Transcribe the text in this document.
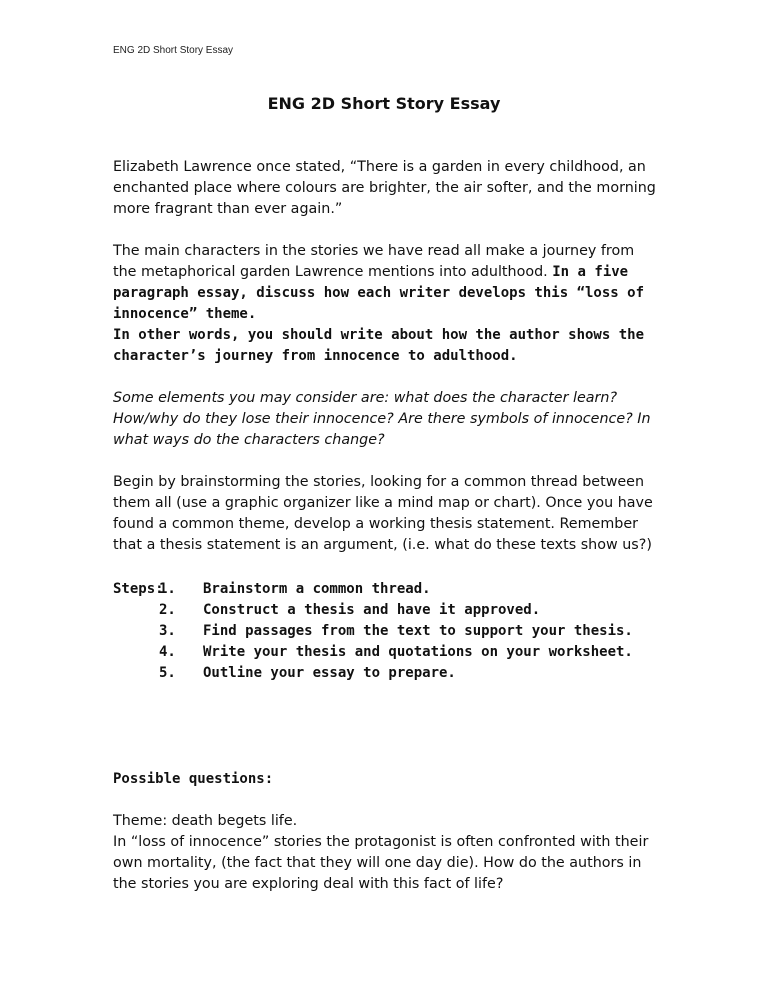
ENG 2D Short Story Essay
ENG 2D Short Story Essay

Elizabeth Lawrence once stated, “There is a garden in every childhood, an enchanted place where colours are brighter, the air softer, and the morning more fragrant than ever again.”

The main characters in the stories we have read all make a journey from the metaphorical garden Lawrence mentions into adulthood. In a five paragraph essay, discuss how each writer develops this “loss of innocence” theme.

In other words, you should write about how the author shows the character’s journey from innocence to adulthood.

Some elements you may consider are: what does the character learn? How/why do they lose their innocence? Are there symbols of innocence? In what ways do the characters change?

Begin by brainstorming the stories, looking for a common thread between them all (use a graphic organizer like a mind map or chart). Once you have found a common theme, develop a working thesis statement. Remember that a thesis statement is an argument, (i.e. what do these texts show us?)

Steps:
1.	Brainstorm a common thread.
2.	Construct a thesis and have it approved.
3.	Find passages from the text to support your thesis.
4.	Write your thesis and quotations on your worksheet.
5.	Outline your essay to prepare.

Possible questions:

Theme: death begets life.

In “loss of innocence” stories the protagonist is often confronted with their own mortality, (the fact that they will one day die). How do the authors in the stories you are exploring deal with this fact of life?
